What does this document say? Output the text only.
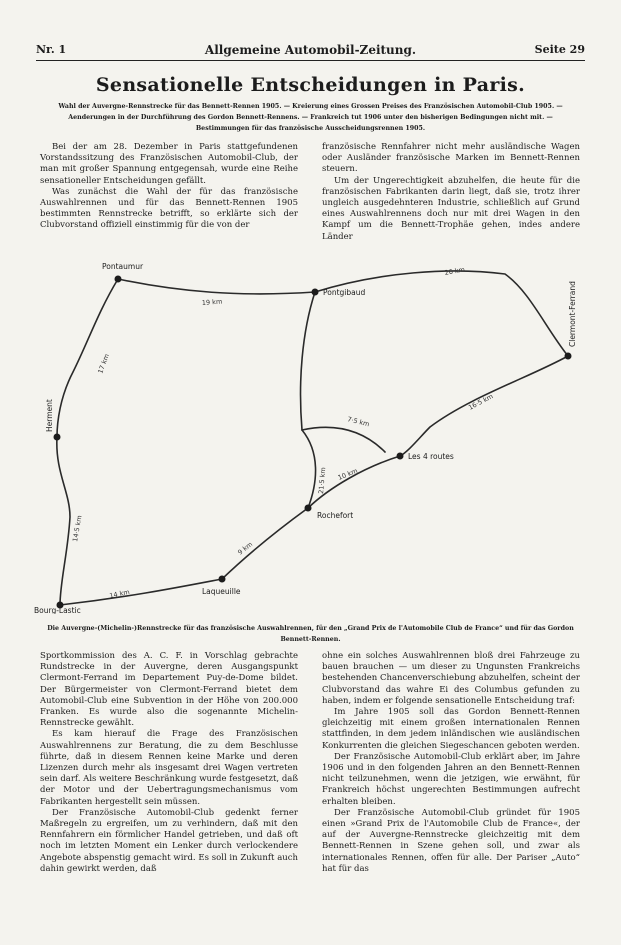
Nr. 1	Allgemeine Automobil-Zeitung.	Seite 29
Sensationelle Entscheidungen in Paris.
Wahl der Auvergne-Rennstrecke für das Bennett-Rennen 1905. — Kreierung eines Grossen Preises des Französischen Automobil-Club 1905. — Aenderungen in der Durchführung des Gordon Bennett-Rennens. — Frankreich tut 1906 unter den bisherigen Bedingungen nicht mit. — Bestimmungen für das französische Ausscheidungsrennen 1905.

Bei der am 28. Dezember in Paris stattgefundenen Vorstandssitzung des Französischen Automobil-Club, der man mit großer Spannung entgegensah, wurde eine Reihe sensationeller Entscheidungen gefällt.

Was zunächst die Wahl der für das französische Auswahlrennen und für das Bennett-Rennen 1905 bestimmten Rennstrecke betrifft, so erklärte sich der Clubvorstand offiziell einstimmig für die von der

französische Rennfahrer nicht mehr ausländische Wagen oder Ausländer französische Marken im Bennett-Rennen steuern.

Um der Ungerechtigkeit abzuhelfen, die heute für die französischen Fabrikanten darin liegt, daß sie, trotz ihrer ungleich ausgedehnteren Industrie, schließlich auf Grund eines Auswahlrennens doch nur mit drei Wagen in den Kampf um die Bennett-Trophäe gehen, indes andere Länder

Pontaumur
Pontgibaud	Clermont-Ferrand
Herment
Les 4 routes
Rochefort
Laqueuille
Bourg-Lastic
19 km
26 km
17 km
16·5 km
7·5 km
21·5 km 10 km
14·5 km
9 km
14 km
Die Auvergne-(Michelin-)Rennstrecke für das französische Auswahlrennen, für den „Grand Prix de l'Automobile Club de France“ und für das Gordon Bennett-Rennen.

Sportkommission des A. C. F. in Vorschlag gebrachte Rundstrecke in der Auvergne, deren Ausgangspunkt Clermont-Ferrand im Departement Puy-de-Dome bildet. Der Bürgermeister von Clermont-Ferrand bietet dem Automobil-Club eine Subvention in der Höhe von 200.000 Franken. Es wurde also die sogenannte Michelin-Rennstrecke gewählt.

Es kam hierauf die Frage des Französischen Auswahlrennens zur Beratung, die zu dem Beschlusse führte, daß in diesem Rennen keine Marke und deren Lizenzen durch mehr als insgesamt drei Wagen vertreten sein darf. Als weitere Beschränkung wurde festgesetzt, daß der Motor und der Uebertragungsmechanismus vom Fabrikanten hergestellt sein müssen.

Der Französische Automobil-Club gedenkt ferner Maßregeln zu ergreifen, um zu verhindern, daß mit den Rennfahrern ein förmlicher Handel getrieben, und daß oft noch im letzten Moment ein Lenker durch verlockendere Angebote abspenstig gemacht wird. Es soll in Zukunft auch dahin gewirkt werden, daß

ohne ein solches Auswahlrennen bloß drei Fahrzeuge zu bauen brauchen — um dieser zu Ungunsten Frankreichs bestehenden Chancenverschiebung abzuhelfen, scheint der Clubvorstand das wahre Ei des Columbus gefunden zu haben, indem er folgende sensationelle Entscheidung traf:

Im Jahre 1905 soll das Gordon Bennett-Rennen gleichzeitig mit einem großen internationalen Rennen stattfinden, in dem jedem inländischen wie ausländischen Konkurrenten die gleichen Siegeschancen geboten werden.

Der Französische Automobil-Club erklärt aber, im Jahre 1906 und in den folgenden Jahren an den Bennett-Rennen nicht teilzunehmen, wenn die jetzigen, wie erwähnt, für Frankreich höchst ungerechten Bestimmungen aufrecht erhalten bleiben.

Der Französische Automobil-Club gründet für 1905 einen »Grand Prix de l'Automobile Club de France«, der auf der Auvergne-Rennstrecke gleichzeitig mit dem Bennett-Rennen in Szene gehen soll, und zwar als internationales Rennen, offen für alle. Der Pariser „Auto“ hat für das
